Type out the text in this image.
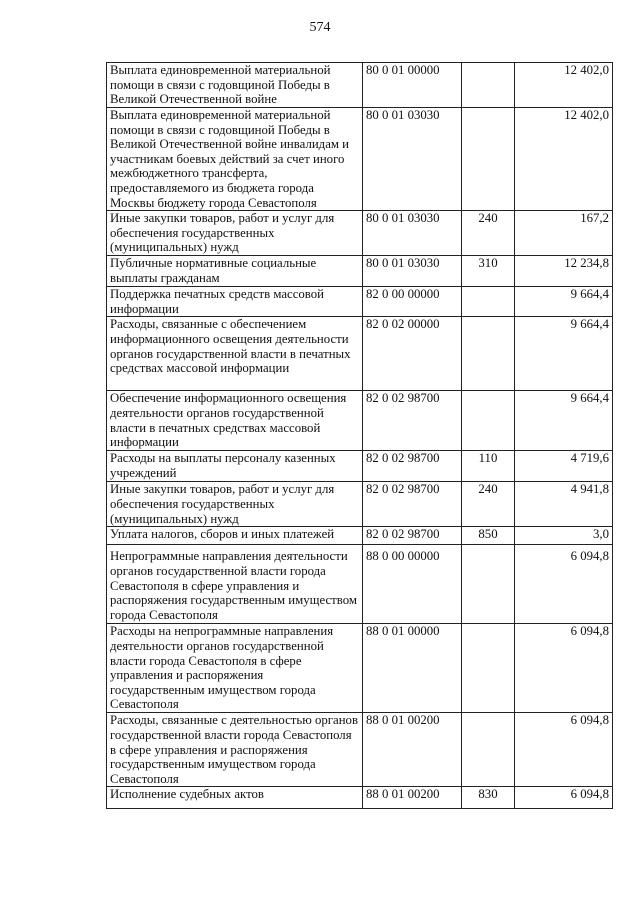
574
Выплата единовременной материальной помощи в связи с годовщиной Победы в Великой Отечественной войне	80 0 01 00000		12 402,0
Выплата единовременной материальной помощи в связи с годовщиной Победы в Великой Отечественной войне инвалидам и участникам боевых действий за счет иного межбюджетного трансферта, предоставляемого из бюджета города Москвы бюджету города Севастополя	80 0 01 03030		12 402,0
Иные закупки товаров, работ и услуг для обеспечения государственных (муниципальных) нужд	80 0 01 03030	240	167,2
Публичные нормативные социальные выплаты гражданам	80 0 01 03030	310	12 234,8
Поддержка печатных средств массовой информации	82 0 00 00000		9 664,4
Расходы, связанные с обеспечением информационного освещения деятельности органов государственной власти в печатных средствах массовой информации	82 0 02 00000		9 664,4
Обеспечение информационного освещения деятельности органов государственной власти в печатных средствах массовой информации	82 0 02 98700		9 664,4
Расходы на выплаты персоналу казенных учреждений	82 0 02 98700	110	4 719,6
Иные закупки товаров, работ и услуг для обеспечения государственных (муниципальных) нужд	82 0 02 98700	240	4 941,8
Уплата налогов, сборов и иных платежей	82 0 02 98700	850	3,0
Непрограммные направления деятельности органов государственной власти города Севастополя в сфере управления и распоряжения государственным имуществом города Севастополя	88 0 00 00000		6 094,8
Расходы на непрограммные направления деятельности органов государственной власти города Севастополя в сфере управления и распоряжения государственным имуществом города Севастополя	88 0 01 00000		6 094,8
Расходы, связанные с деятельностью органов государственной власти города Севастополя в сфере управления и распоряжения государственным имуществом города Севастополя	88 0 01 00200		6 094,8
Исполнение судебных актов	88 0 01 00200	830	6 094,8
